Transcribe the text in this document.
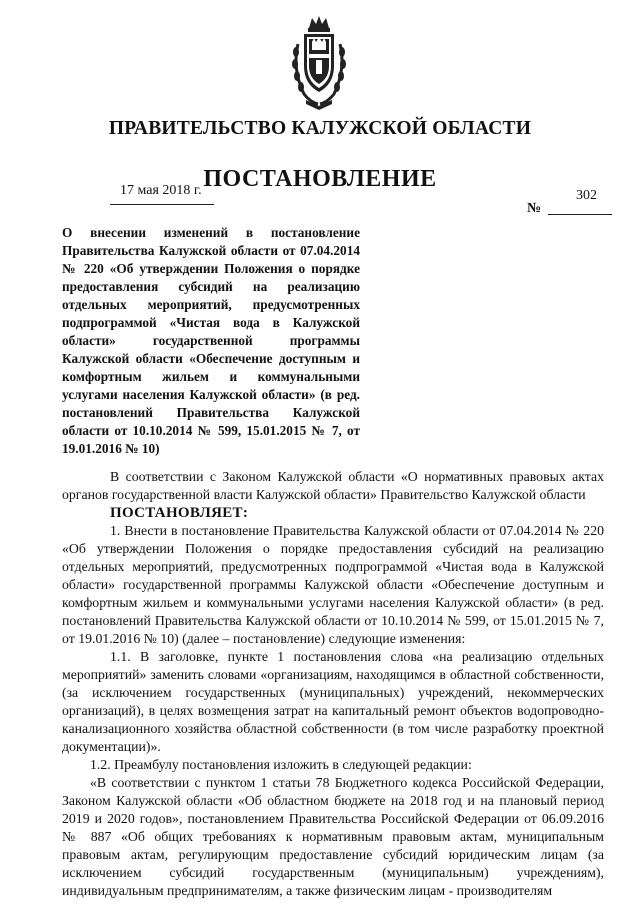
ПРАВИТЕЛЬСТВО КАЛУЖСКОЙ ОБЛАСТИ
ПОСТАНОВЛЕНИЕ
17 мая 2018 г.	302
№
О внесении изменений в постановление Правительства Калужской области от 07.04.2014 № 220 «Об утверждении Положения о порядке предоставления субсидий на реализацию отдельных мероприятий, предусмотренных подпрограммой «Чистая вода в Калужской области» государственной программы Калужской области «Обеспечение доступным и комфортным жильем и коммунальными услугами населения Калужской области» (в ред. постановлений Правительства Калужской области от 10.10.2014 № 599, 15.01.2015 № 7, от 19.01.2016 № 10)

В соответствии с Законом Калужской области «О нормативных правовых актах органов государственной власти Калужской области» Правительство Калужской области
ПОСТАНОВЛЯЕТ:

1. Внести в постановление Правительства Калужской области от 07.04.2014 № 220 «Об утверждении Положения о порядке предоставления субсидий на реализацию отдельных мероприятий, предусмотренных подпрограммой «Чистая вода в Калужской области» государственной программы Калужской области «Обеспечение доступным и комфортным жильем и коммунальными услугами населения Калужской области» (в ред. постановлений Правительства Калужской области от 10.10.2014 № 599, от 15.01.2015 № 7, от 19.01.2016 № 10) (далее – постановление) следующие изменения:

1.1. В заголовке, пункте 1 постановления слова «на реализацию отдельных мероприятий» заменить словами «организациям, находящимся в областной собственности, (за исключением государственных (муниципальных) учреждений, некоммерческих организаций), в целях возмещения затрат на капитальный ремонт объектов водопроводно-канализационного хозяйства областной собственности (в том числе разработку проектной документации)».

1.2. Преамбулу постановления изложить в следующей редакции:

«В соответствии с пунктом 1 статьи 78 Бюджетного кодекса Российской Федерации, Законом Калужской области «Об областном бюджете на 2018 год и на плановый период 2019 и 2020 годов», постановлением Правительства Российской Федерации от 06.09.2016 № 887 «Об общих требованиях к нормативным правовым актам, муниципальным правовым актам, регулирующим предоставление субсидий юридическим лицам (за исключением субсидий государственным (муниципальным) учреждениям), индивидуальным предпринимателям, а также физическим лицам - производителям
